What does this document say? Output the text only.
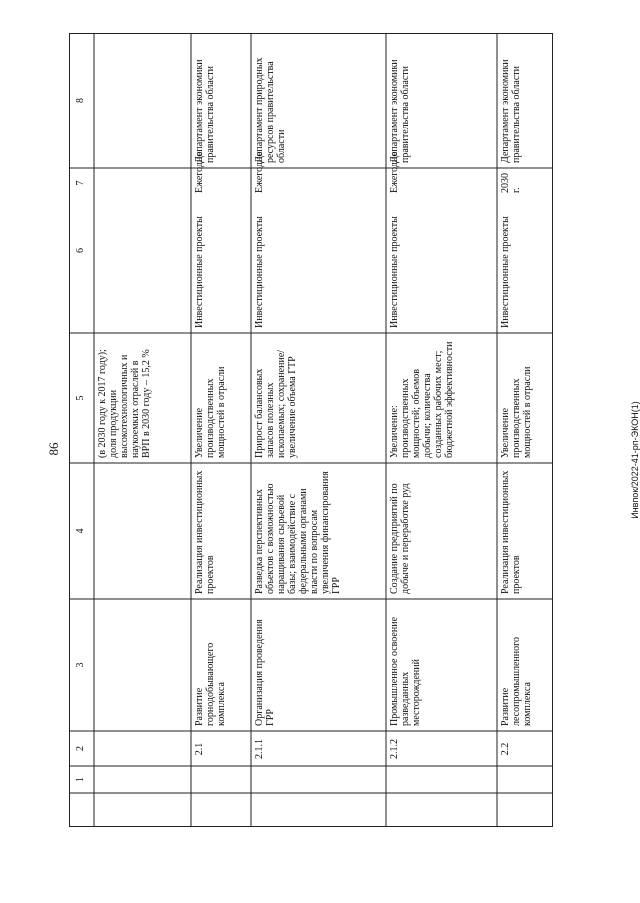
86	Инвпок/2022-41-рп-ЭКОН(1)
8
7
6
5
4
3
2
1
(в 2030 году к 2017 году); доля продукции высокотехнологичных и наукоемких отраслей в ВРП в 2030 году – 15,2 %
Департамент экономики правительства области
Ежегодно
Инвестиционные проекты
Увеличение производственных мощностей в отрасли
Реализация инвестиционных проектов
Развитие горнодобывающего комплекса
2.1
Департамент природных ресурсов правительства области
Ежегодно
Инвестиционные проекты
Прирост балансовых запасов полезных ископаемых; сохранение/увеличение объема ГТР
Разведка перспективных объектов с возможностью наращивания сырьевой базы; взаимодействие с федеральными органами власти по вопросам увеличения финансирования ГРР
Организация проведения ГРР
2.1.1
Департамент экономики правительства области
Ежегодно
Инвестиционные проекты
Увеличение: производственных мощностей; объемов добычи; количества созданных рабочих мест; бюджетной эффективности
Создание предприятий по добыче и переработке руд
Промышленное освоение разведанных месторождений
2.1.2
Департамент экономики правительства области
2030 г.
Инвестиционные проекты
Увеличение производственных мощностей в отрасли
Реализация инвестиционных проектов
Развитие лесопромышленного комплекса
2.2
